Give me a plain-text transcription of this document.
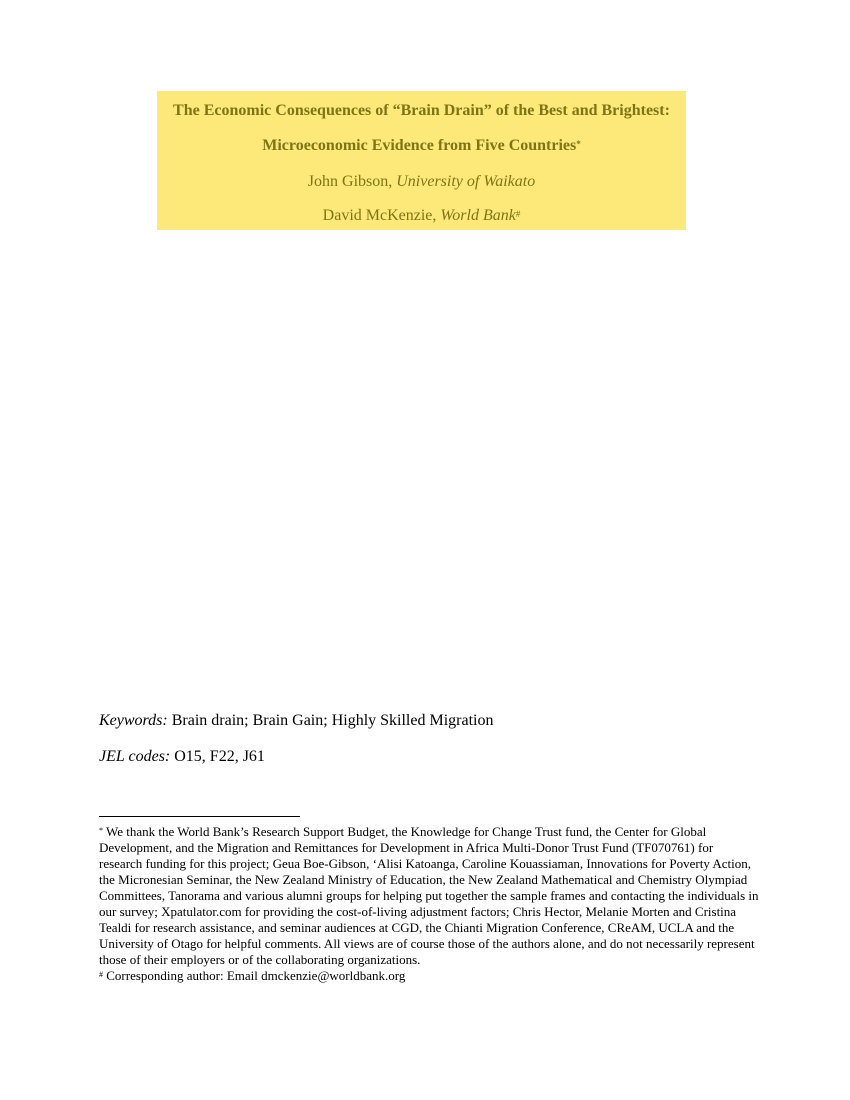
The Economic Consequences of “Brain Drain” of the Best and Brightest:
Microeconomic Evidence from Five Countries*
John Gibson, University of Waikato
David McKenzie, World Bank#
Keywords: Brain drain; Brain Gain; Highly Skilled Migration
JEL codes: O15, F22, J61

* We thank the World Bank’s Research Support Budget, the Knowledge for Change Trust fund, the Center for Global Development, and the Migration and Remittances for Development in Africa Multi-Donor Trust Fund (TF070761) for research funding for this project; Geua Boe-Gibson, ‘Alisi Katoanga, Caroline Kouassiaman, Innovations for Poverty Action, the Micronesian Seminar, the New Zealand Ministry of Education, the New Zealand Mathematical and Chemistry Olympiad Committees, Tanorama and various alumni groups for helping put together the sample frames and contacting the individuals in our survey; Xpatulator.com for providing the cost-of-living adjustment factors; Chris Hector, Melanie Morten and Cristina Tealdi for research assistance, and seminar audiences at CGD, the Chianti Migration Conference, CReAM, UCLA and the University of Otago for helpful comments. All views are of course those of the authors alone, and do not necessarily represent those of their employers or of the collaborating organizations.

# Corresponding author: Email dmckenzie@worldbank.org
